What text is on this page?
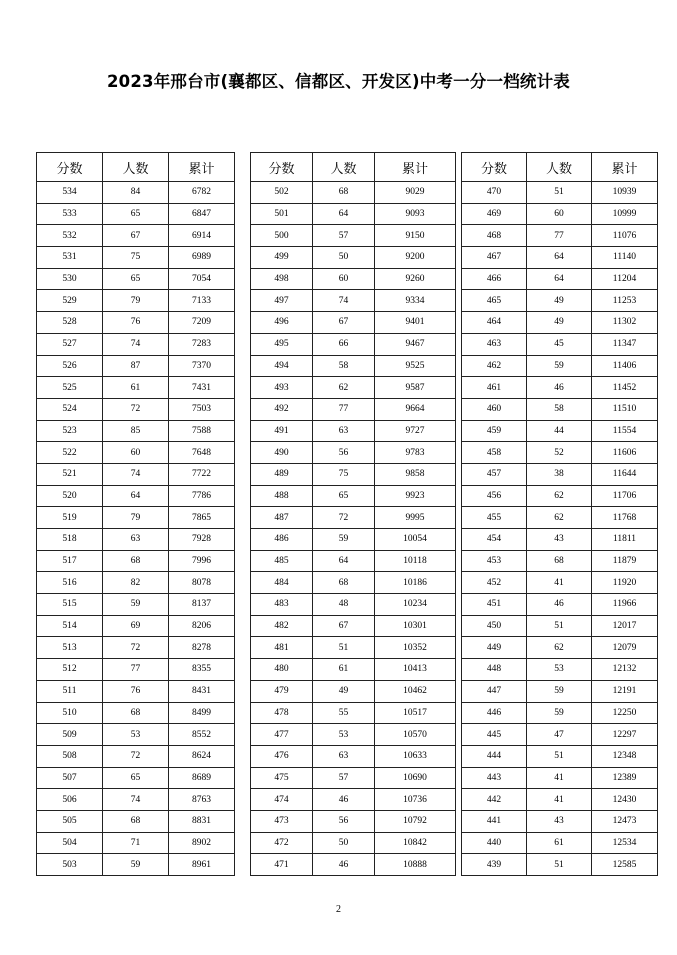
2023年邢台市(襄都区、信都区、开发区)中考一分一档统计表
分数	人数	累计
534	84	6782
533	65	6847
532	67	6914
531	75	6989
530	65	7054
529	79	7133
528	76	7209
527	74	7283
526	87	7370
525	61	7431
524	72	7503
523	85	7588
522	60	7648
521	74	7722
520	64	7786
519	79	7865
518	63	7928
517	68	7996
516	82	8078
515	59	8137
514	69	8206
513	72	8278
512	77	8355
511	76	8431
510	68	8499
509	53	8552
508	72	8624
507	65	8689
506	74	8763
505	68	8831
504	71	8902
503	59	8961
分数	人数	累计
502	68	9029
501	64	9093
500	57	9150
499	50	9200
498	60	9260
497	74	9334
496	67	9401
495	66	9467
494	58	9525
493	62	9587
492	77	9664
491	63	9727
490	56	9783
489	75	9858
488	65	9923
487	72	9995
486	59	10054
485	64	10118
484	68	10186
483	48	10234
482	67	10301
481	51	10352
480	61	10413
479	49	10462
478	55	10517
477	53	10570
476	63	10633
475	57	10690
474	46	10736
473	56	10792
472	50	10842
471	46	10888
分数	人数	累计
470	51	10939
469	60	10999
468	77	11076
467	64	11140
466	64	11204
465	49	11253
464	49	11302
463	45	11347
462	59	11406
461	46	11452
460	58	11510
459	44	11554
458	52	11606
457	38	11644
456	62	11706
455	62	11768
454	43	11811
453	68	11879
452	41	11920
451	46	11966
450	51	12017
449	62	12079
448	53	12132
447	59	12191
446	59	12250
445	47	12297
444	51	12348
443	41	12389
442	41	12430
441	43	12473
440	61	12534
439	51	12585
2
